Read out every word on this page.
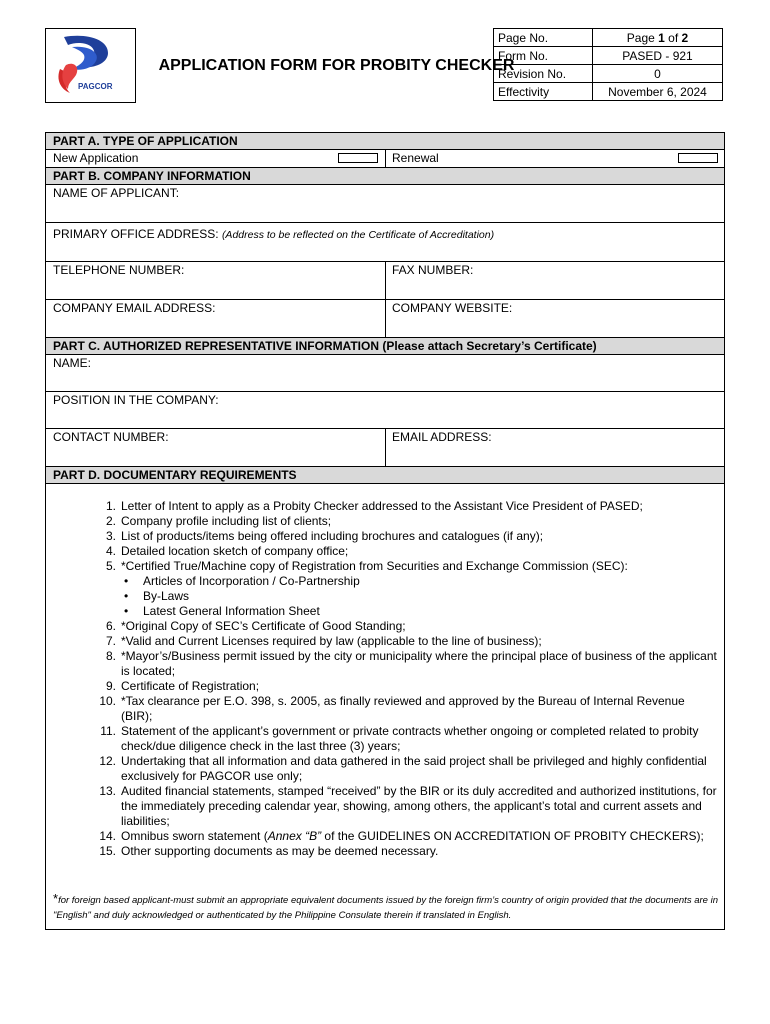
PAGCOR
APPLICATION FORM FOR PROBITY CHECKER
Page No.	Page 1 of 2
Form No.	PASED - 921
Revision No.	0
Effectivity	November 6, 2024
PART A. TYPE OF APPLICATION
New Application	Renewal
PART B. COMPANY INFORMATION
NAME OF APPLICANT:
PRIMARY OFFICE ADDRESS: (Address to be reflected on the Certificate of Accreditation)
TELEPHONE NUMBER:	FAX NUMBER:
COMPANY EMAIL ADDRESS:	COMPANY WEBSITE:
PART C. AUTHORIZED REPRESENTATIVE INFORMATION (Please attach Secretary’s Certificate)
NAME:
POSITION IN THE COMPANY:
CONTACT NUMBER:	EMAIL ADDRESS:
PART D. DOCUMENTARY REQUIREMENTS
1. Letter of Intent to apply as a Probity Checker addressed to the Assistant Vice President of PASED;
2. Company profile including list of clients;
3. List of products/items being offered including brochures and catalogues (if any);
4. Detailed location sketch of company office;
5. *Certified True/Machine copy of Registration from Securities and Exchange Commission (SEC):
• Articles of Incorporation / Co-Partnership
• By-Laws
• Latest General Information Sheet
6. *Original Copy of SEC’s Certificate of Good Standing;
7. *Valid and Current Licenses required by law (applicable to the line of business);
8. *Mayor’s/Business permit issued by the city or municipality where the principal place of business of the applicant is located;
9. Certificate of Registration;
10. *Tax clearance per E.O. 398, s. 2005, as finally reviewed and approved by the Bureau of Internal Revenue (BIR);
11. Statement of the applicant’s government or private contracts whether ongoing or completed related to probity check/due diligence check in the last three (3) years;
12. Undertaking that all information and data gathered in the said project shall be privileged and highly confidential exclusively for PAGCOR use only;
13. Audited financial statements, stamped “received” by the BIR or its duly accredited and authorized institutions, for the immediately preceding calendar year, showing, among others, the applicant’s total and current assets and liabilities;
14. Omnibus sworn statement (Annex “B” of the GUIDELINES ON ACCREDITATION OF PROBITY CHECKERS);
15. Other supporting documents as may be deemed necessary.
*for foreign based applicant-must submit an appropriate equivalent documents issued by the foreign firm’s country of origin provided that the documents are in "English" and duly acknowledged or authenticated by the Philippine Consulate therein if translated in English.
